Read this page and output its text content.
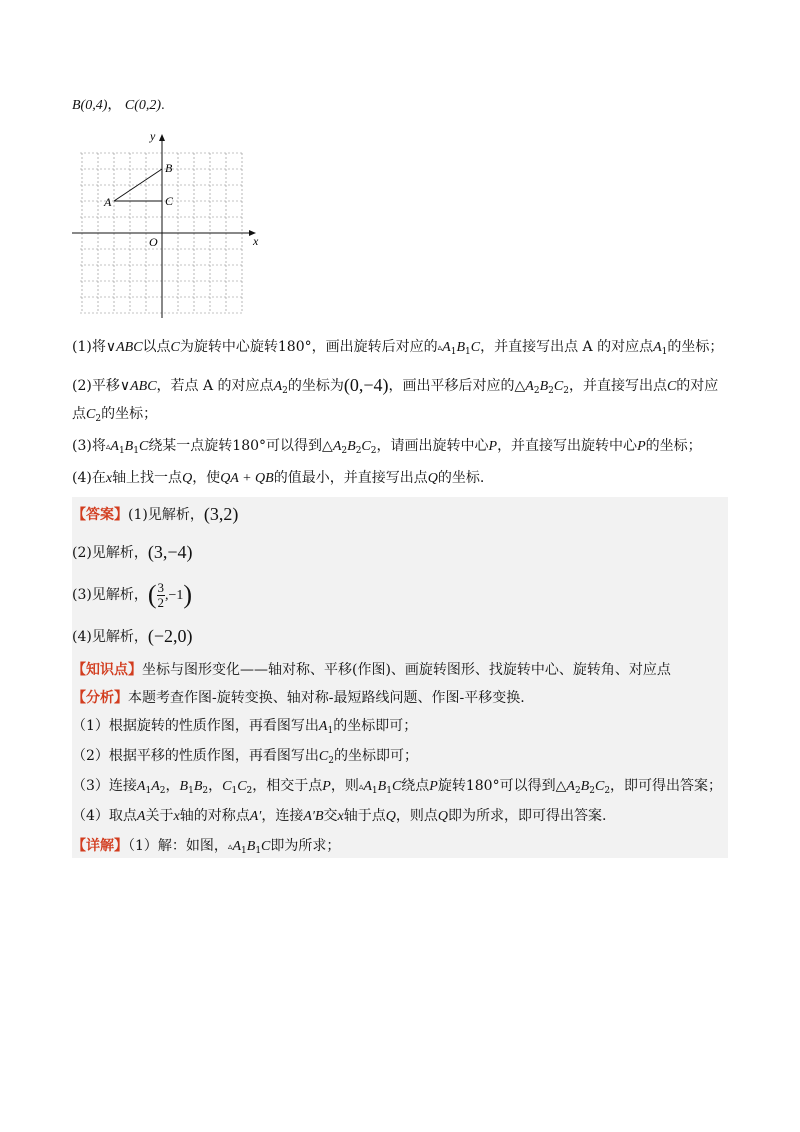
B(0,4)， C(0,2).
y
x
O
A
B
C
(1)将∨ABC以点C为旋转中心旋转180°，画出旋转后对应的$▵A_1B_1C$，并直接写出点 A 的对应点$A_1$的坐标；
(2)平移∨ABC，若点 A 的对应点$A_2$的坐标为(0,−4)，画出平移后对应的$\triangle A_2B_2C_2$，并直接写出点C的对应
点$C_2$的坐标；
(3)将$▵A_1B_1C$绕某一点旋转180°可以得到$\triangle A_2B_2C_2$，请画出旋转中心P，并直接写出旋转中心P的坐标；
(4)在x轴上找一点Q，使QA + QB的值最小，并直接写出点Q的坐标.
【答案】(1)见解析，(3,2)
(2)见解析，(3,−4)
(3)见解析，( $\frac{3}{2} ,-1$)
(4)见解析，(−2,0)
【知识点】坐标与图形变化——轴对称、平移(作图)、画旋转图形、找旋转中心、旋转角、对应点
【分析】本题考查作图-旋转变换、轴对称-最短路线问题、作图-平移变换.
（1）根据旋转的性质作图，再看图写出$A_1$的坐标即可；
（2）根据平移的性质作图，再看图写出$C_2$的坐标即可；
（3）连接$A_1A_2$，$B_1B_2$，$C_1C_2$，相交于点P，则$▵A_1B_1C$绕点P旋转180°可以得到$\triangle A_2B_2C_2$，即可得出答案；
（4）取点A关于x轴的对称点A′，连接A′B交x轴于点Q，则点Q即为所求，即可得出答案.
【详解】（1）解：如图，$▵A_1B_1C$即为所求；
